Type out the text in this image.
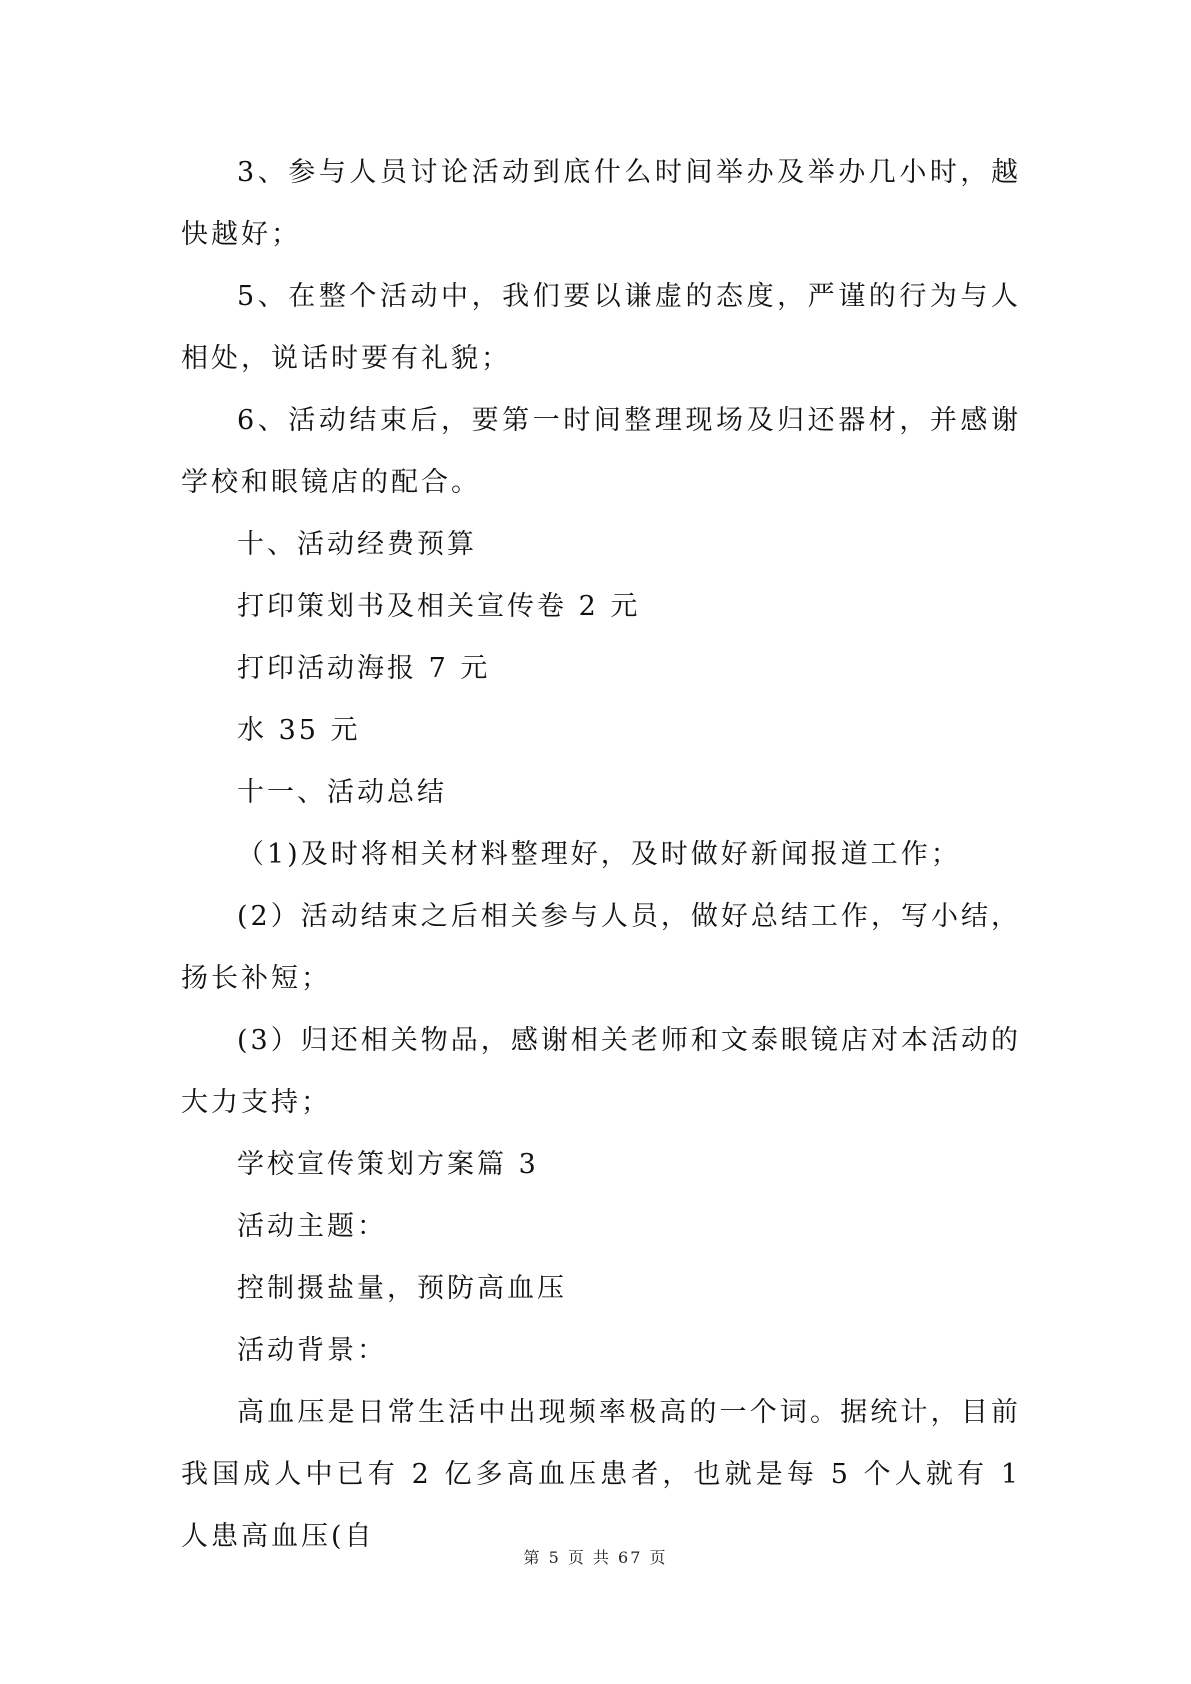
3、参与人员讨论活动到底什么时间举办及举办几小时，越快越好；

5、在整个活动中，我们要以谦虚的态度，严谨的行为与人相处，说话时要有礼貌；

6、活动结束后，要第一时间整理现场及归还器材，并感谢学校和眼镜店的配合。

十、活动经费预算

打印策划书及相关宣传卷 2 元

打印活动海报 7 元

水 35 元

十一、活动总结

（1)及时将相关材料整理好，及时做好新闻报道工作；

(2）活动结束之后相关参与人员，做好总结工作，写小结，扬长补短；

(3）归还相关物品，感谢相关老师和文泰眼镜店对本活动的大力支持；

学校宣传策划方案篇 3

活动主题：

控制摄盐量，预防高血压

活动背景：

高血压是日常生活中出现频率极高的一个词。据统计，目前我国成人中已有 2 亿多高血压患者，也就是每 5 个人就有 1 人患高血压(自

第 5 页 共 67 页
